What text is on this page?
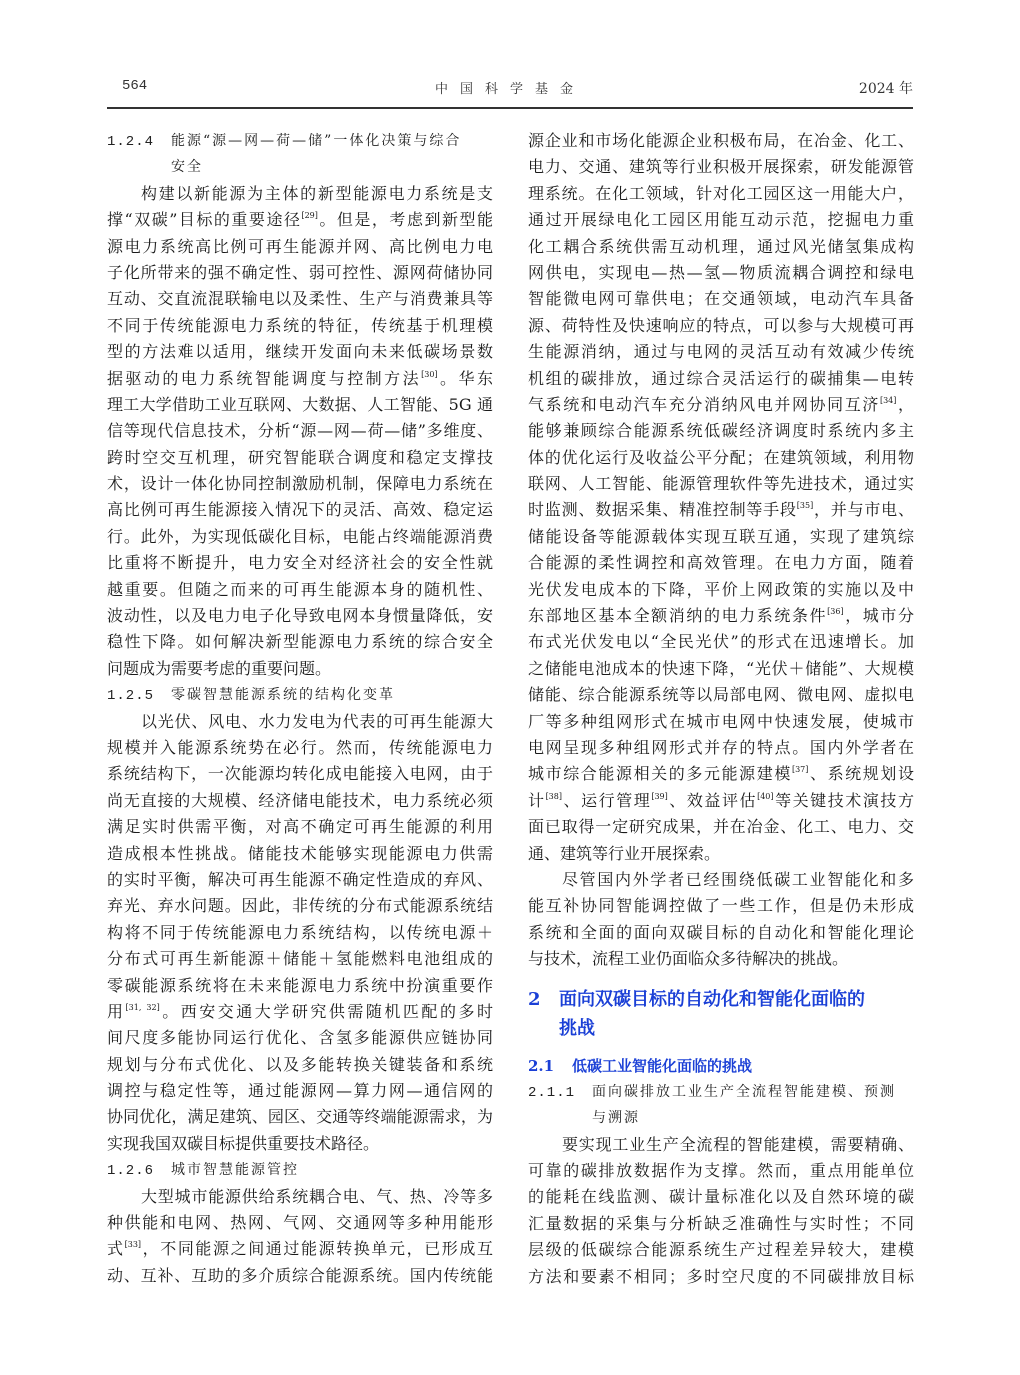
564	中国科学基金	2024 年
1.2.4 能源“源—网—荷—储”一体化决策与综合
安全
构建以新能源为主体的新型能源电力系统是支
撑“双碳”目标的重要途径[29]。但是，考虑到新型能
源电力系统高比例可再生能源并网、高比例电力电
子化所带来的强不确定性、弱可控性、源网荷储协同
互动、交直流混联输电以及柔性、生产与消费兼具等
不同于传统能源电力系统的特征，传统基于机理模
型的方法难以适用，继续开发面向未来低碳场景数
据驱动的电力系统智能调度与控制方法[30]。华东
理工大学借助工业互联网、大数据、人工智能、5G 通
信等现代信息技术，分析“源—网—荷—储”多维度、
跨时空交互机理，研究智能联合调度和稳定支撑技
术，设计一体化协同控制激励机制，保障电力系统在
高比例可再生能源接入情况下的灵活、高效、稳定运
行。此外，为实现低碳化目标，电能占终端能源消费
比重将不断提升，电力安全对经济社会的安全性就
越重要。但随之而来的可再生能源本身的随机性、
波动性，以及电力电子化导致电网本身惯量降低，安
稳性下降。如何解决新型能源电力系统的综合安全
问题成为需要考虑的重要问题。
1.2.5 零碳智慧能源系统的结构化变革
以光伏、风电、水力发电为代表的可再生能源大
规模并入能源系统势在必行。然而，传统能源电力
系统结构下，一次能源均转化成电能接入电网，由于
尚无直接的大规模、经济储电能技术，电力系统必须
满足实时供需平衡，对高不确定可再生能源的利用
造成根本性挑战。储能技术能够实现能源电力供需
的实时平衡，解决可再生能源不确定性造成的弃风、
弃光、弃水问题。因此，非传统的分布式能源系统结
构将不同于传统能源电力系统结构，以传统电源＋
分布式可再生新能源＋储能＋氢能燃料电池组成的
零碳能源系统将在未来能源电力系统中扮演重要作
用[31, 32]。西安交通大学研究供需随机匹配的多时
间尺度多能协同运行优化、含氢多能源供应链协同
规划与分布式优化、以及多能转换关键装备和系统
调控与稳定性等，通过能源网—算力网—通信网的
协同优化，满足建筑、园区、交通等终端能源需求，为
实现我国双碳目标提供重要技术路径。
1.2.6 城市智慧能源管控
大型城市能源供给系统耦合电、气、热、冷等多
种供能和电网、热网、气网、交通网等多种用能形
式[33]，不同能源之间通过能源转换单元，已形成互
动、互补、互助的多介质综合能源系统。国内传统能
源企业和市场化能源企业积极布局，在冶金、化工、
电力、交通、建筑等行业积极开展探索，研发能源管
理系统。在化工领域，针对化工园区这一用能大户，
通过开展绿电化工园区用能互动示范，挖掘电力重
化工耦合系统供需互动机理，通过风光储氢集成构
网供电，实现电—热—氢—物质流耦合调控和绿电
智能微电网可靠供电；在交通领域，电动汽车具备
源、荷特性及快速响应的特点，可以参与大规模可再
生能源消纳，通过与电网的灵活互动有效减少传统
机组的碳排放，通过综合灵活运行的碳捕集—电转
气系统和电动汽车充分消纳风电并网协同互济[34]，
能够兼顾综合能源系统低碳经济调度时系统内多主
体的优化运行及收益公平分配；在建筑领域，利用物
联网、人工智能、能源管理软件等先进技术，通过实
时监测、数据采集、精准控制等手段[35]，并与市电、
储能设备等能源载体实现互联互通，实现了建筑综
合能源的柔性调控和高效管理。在电力方面，随着
光伏发电成本的下降，平价上网政策的实施以及中
东部地区基本全额消纳的电力系统条件[36]，城市分
布式光伏发电以“全民光伏”的形式在迅速增长。加
之储能电池成本的快速下降，“光伏＋储能”、大规模
储能、综合能源系统等以局部电网、微电网、虚拟电
厂等多种组网形式在城市电网中快速发展，使城市
电网呈现多种组网形式并存的特点。国内外学者在
城市综合能源相关的多元能源建模[37]、系统规划设
计[38]、运行管理[39]、效益评估[40]等关键技术演技方
面已取得一定研究成果，并在冶金、化工、电力、交
通、建筑等行业开展探索。
尽管国内外学者已经围绕低碳工业智能化和多
能互补协同智能调控做了一些工作，但是仍未形成
系统和全面的面向双碳目标的自动化和智能化理论
与技术，流程工业仍面临众多待解决的挑战。
2 面向双碳目标的自动化和智能化面临的
挑战
2.1 低碳工业智能化面临的挑战
2.1.1 面向碳排放工业生产全流程智能建模、预测
与溯源
要实现工业生产全流程的智能建模，需要精确、
可靠的碳排放数据作为支撑。然而，重点用能单位
的能耗在线监测、碳计量标准化以及自然环境的碳
汇量数据的采集与分析缺乏准确性与实时性；不同
层级的低碳综合能源系统生产过程差异较大，建模
方法和要素不相同；多时空尺度的不同碳排放目标
